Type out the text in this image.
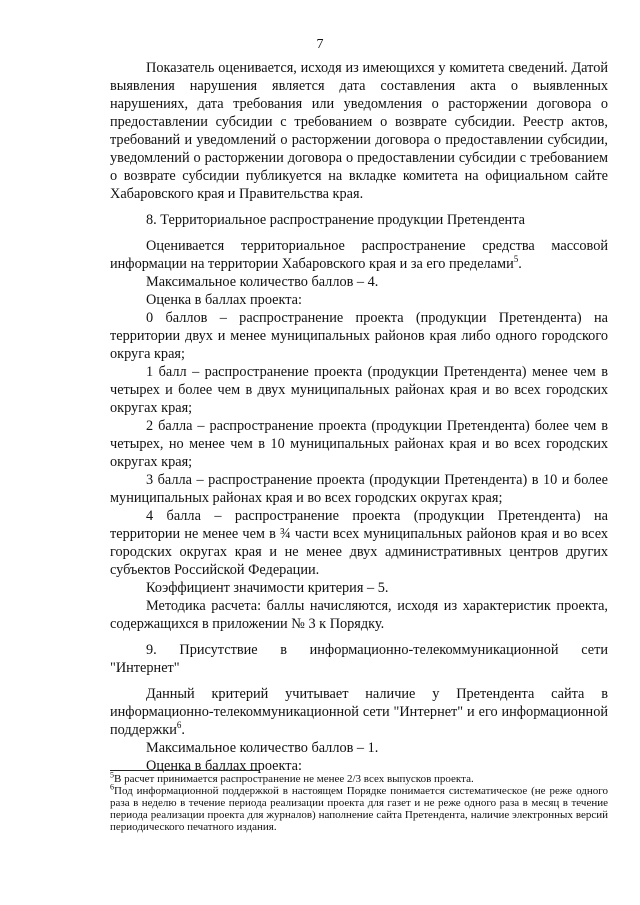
7

Показатель оценивается, исходя из имеющихся у комитета сведений. Датой выявления нарушения является дата составления акта о выявленных нарушениях, дата требования или уведомления о расторжении договора о предоставлении субсидии с требованием о возврате субсидии. Реестр актов, требований и уведомлений о расторжении договора о предоставлении субсидии, уведомлений о расторжении договора о предоставлении субсидии с требованием о возврате субсидии публикуется на вкладке комитета на официальном сайте Хабаровского края и Правительства края.

8. Территориальное распространение продукции Претендента

Оценивается территориальное распространение средства массовой информации на территории Хабаровского края и за его пределами$^5$.

Максимальное количество баллов – 4.

Оценка в баллах проекта:

0 баллов – распространение проекта (продукции Претендента) на территории двух и менее муниципальных районов края либо одного городского округа края;

1 балл – распространение проекта (продукции Претендента) менее чем в четырех и более чем в двух муниципальных районах края и во всех городских округах края;

2 балла – распространение проекта (продукции Претендента) более чем в четырех, но менее чем в 10 муниципальных районах края и во всех городских округах края;

3 балла – распространение проекта (продукции Претендента) в 10 и более муниципальных районах края и во всех городских округах края;

4 балла – распространение проекта (продукции Претендента) на территории не менее чем в ¾ части всех муниципальных районов края и во всех городских округах края и не менее двух административных центров других субъектов Российской Федерации.

Коэффициент значимости критерия – 5.

Методика расчета: баллы начисляются, исходя из характеристик проекта, содержащихся в приложении № 3 к Порядку.

9. Присутствие в информационно-телекоммуникационной сети

"Интернет"

Данный критерий учитывает наличие у Претендента сайта в информационно-телекоммуникационной сети "Интернет" и его информационной поддержки$^6$.

Максимальное количество баллов – 1.

Оценка в баллах проекта:

$^5$В расчет принимается распространение не менее 2/3 всех выпусков проекта.

$^6$Под информационной поддержкой в настоящем Порядке понимается систематическое (не реже одного раза в неделю в течение периода реализации проекта для газет и не реже одного раза в месяц в течение периода реализации проекта для журналов) наполнение сайта Претендента, наличие электронных версий периодического печатного издания.
